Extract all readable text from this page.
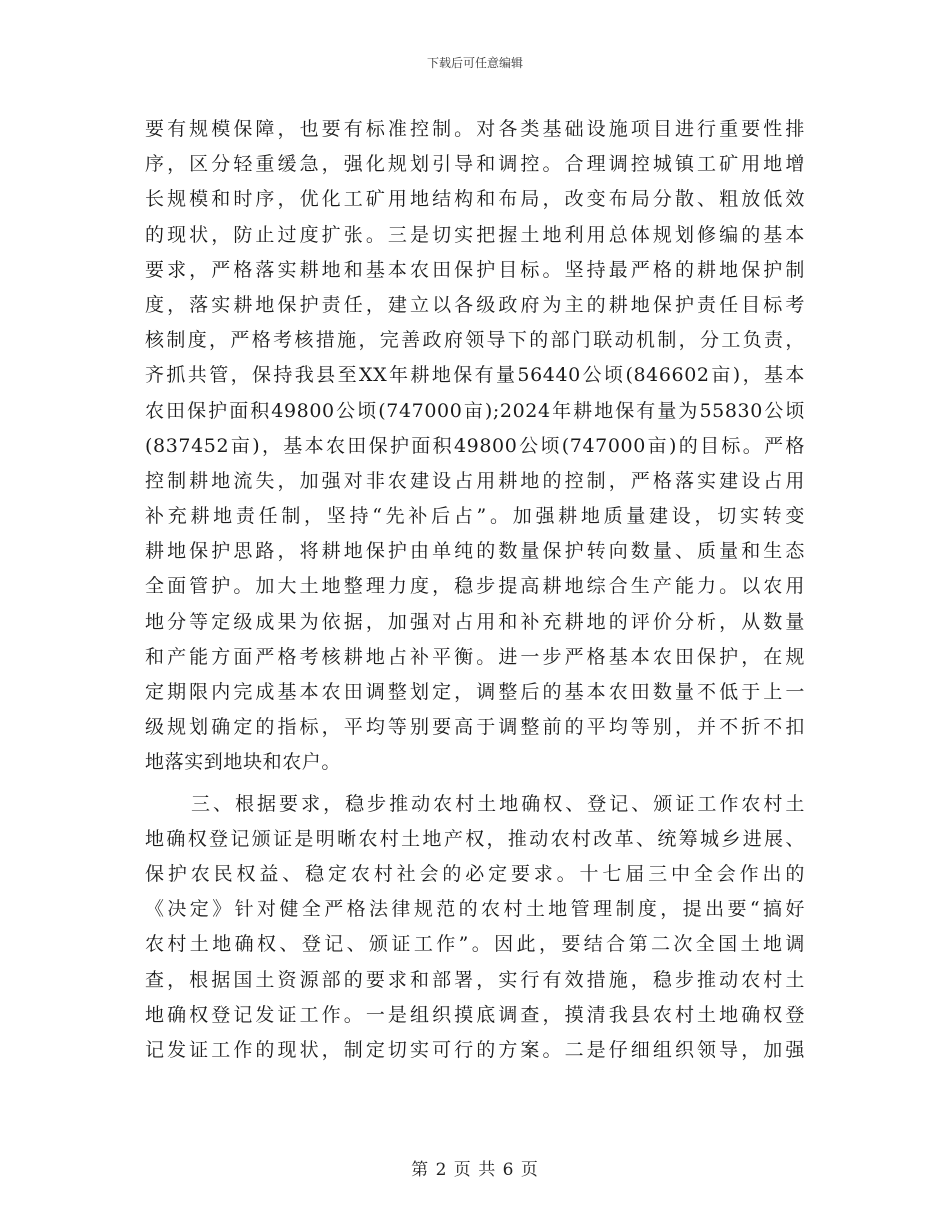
下载后可任意编辑
要有规模保障，也要有标准控制。对各类基础设施项目进行重要性排
序，区分轻重缓急，强化规划引导和调控。合理调控城镇工矿用地增
长规模和时序，优化工矿用地结构和布局，改变布局分散、粗放低效
的现状，防止过度扩张。三是切实把握土地利用总体规划修编的基本
要求，严格落实耕地和基本农田保护目标。坚持最严格的耕地保护制
度，落实耕地保护责任，建立以各级政府为主的耕地保护责任目标考
核制度，严格考核措施，完善政府领导下的部门联动机制，分工负责，
齐抓共管，保持我县至XX年耕地保有量56440公顷(846602亩)，基本
农田保护面积49800公顷(747000亩);2024年耕地保有量为55830公顷
(837452亩)，基本农田保护面积49800公顷(747000亩)的目标。严格
控制耕地流失，加强对非农建设占用耕地的控制，严格落实建设占用
补充耕地责任制，坚持“先补后占”。加强耕地质量建设，切实转变
耕地保护思路，将耕地保护由单纯的数量保护转向数量、质量和生态
全面管护。加大土地整理力度，稳步提高耕地综合生产能力。以农用
地分等定级成果为依据，加强对占用和补充耕地的评价分析，从数量
和产能方面严格考核耕地占补平衡。进一步严格基本农田保护，在规
定期限内完成基本农田调整划定，调整后的基本农田数量不低于上一
级规划确定的指标，平均等别要高于调整前的平均等别，并不折不扣
地落实到地块和农户。
三、根据要求，稳步推动农村土地确权、登记、颁证工作农村土
地确权登记颁证是明晰农村土地产权，推动农村改革、统筹城乡进展、
保护农民权益、稳定农村社会的必定要求。十七届三中全会作出的
《决定》针对健全严格法律规范的农村土地管理制度，提出要“搞好
农村土地确权、登记、颁证工作”。因此，要结合第二次全国土地调
查，根据国土资源部的要求和部署，实行有效措施，稳步推动农村土
地确权登记发证工作。一是组织摸底调查，摸清我县农村土地确权登
记发证工作的现状，制定切实可行的方案。二是仔细组织领导，加强
第 2 页 共 6 页
